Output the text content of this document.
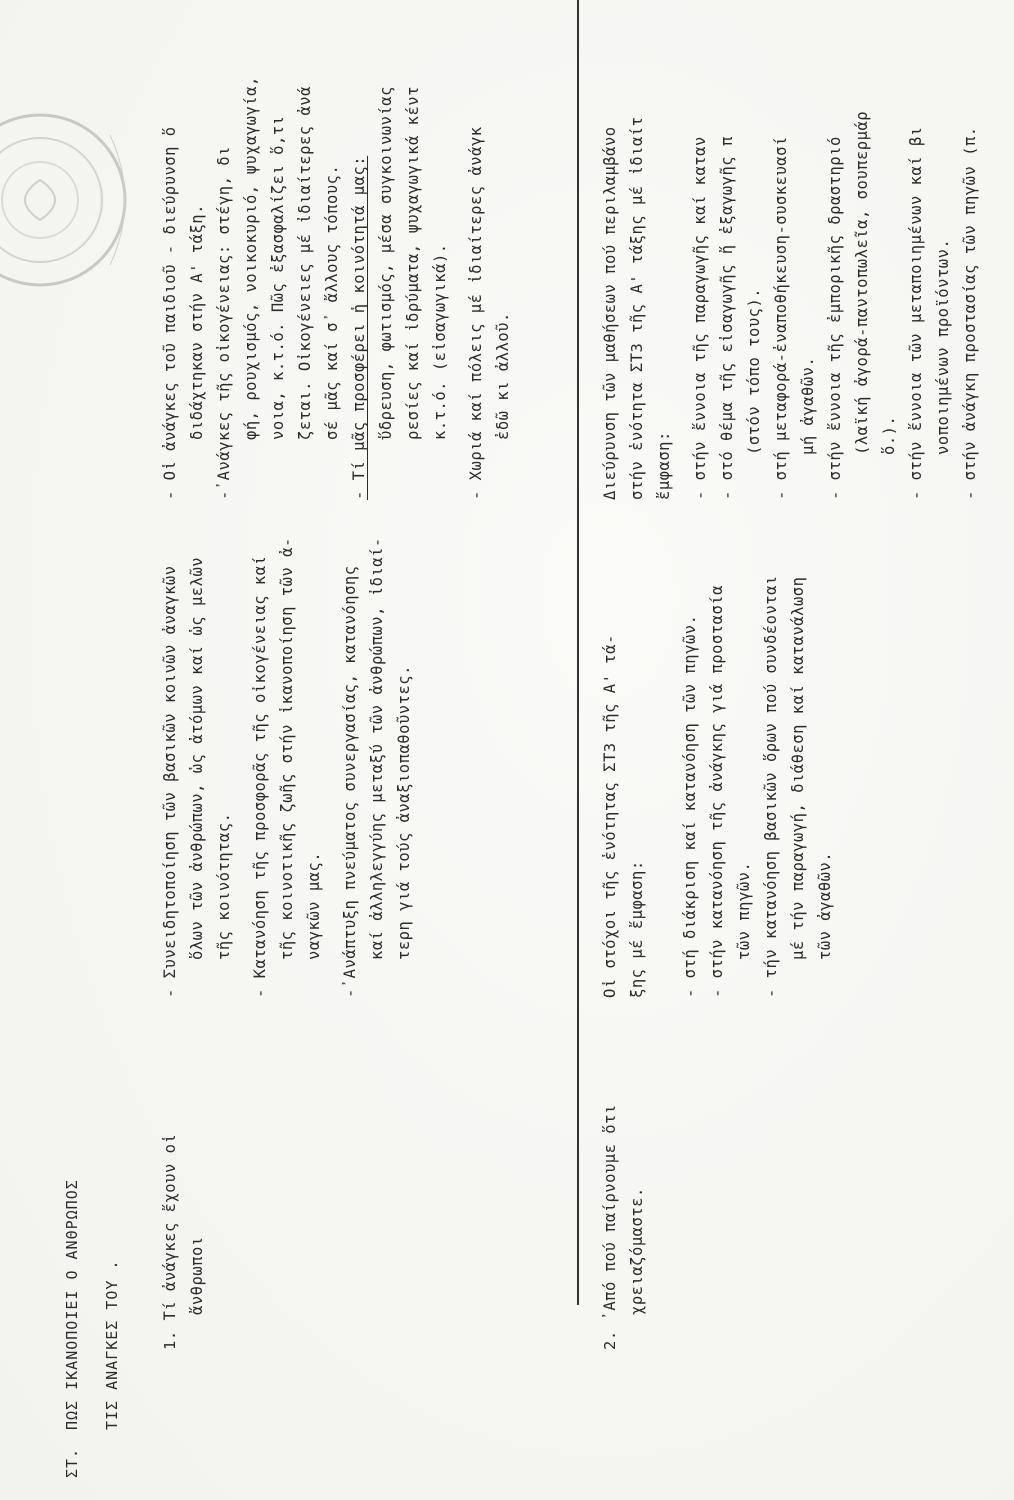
ΣΤ.
ΠΩΣ ΙΚΑΝΟΠΟΙΕΙ Ο ΑΝΘΡΩΠΟΣ ΤΙΣ ΑΝΑΓΚΕΣ ΤΟΥ .	1. Τί ἀνάγκες ἔχουν οἱ ἄνθρωποι
- Συνειδητοποίηση τῶν βασικῶν κοινῶν ἀναγκῶν ὅλων τῶν ἀνθρώπων, ὡς ἀτόμων καί ὡς μελῶν τῆς κοινότητας. - Κατανόηση τῆς προσφορᾶς τῆς οἰκογένειας καί τῆς κοινοτικῆς ζωῆς στήν ἱκανοποίηση τῶν ἀ- ναγκῶν μας. -᾽Ανάπτυξη πνεύματος συνεργασίας, κατανόησης καί ἀλληλεγγύης μεταξύ τῶν ἀνθρώπων, ἰδιαί- τερη γιά τούς ἀναξιοπαθοῦντες.
- Οἱ ἀνάγκες τοῦ παιδιοῦ - διεύρυνση ὅ διδάχτηκαν στήν Α' τάξη. -᾽Ανάγκες τῆς οἰκογένειας: στέγη, δι φή, ρουχισμός, νοικοκυριό, ψυχαγωγία, νοια, κ.τ.ό. Πῶς ἐξασφαλίζει ὅ,τι ζεται. Οἰκογένειες μέ ἰδιαίτερες ἀνά σέ μᾶς καί σ᾽ ἄλλους τόπους. - Τί μᾶς προσφέρει ἡ κοινότητά μας: ὕδρευση, φωτισμός, μέσα συγκοινωνίας ρεσίες καί ἱδρύματα, ψυχαγωγικά κέντ κ.τ.ό. (εἰσαγωγικά). - Χωριά καί πόλεις μέ ἰδιαίτερες ἀνάγκ ἐδῶ κι ἀλλοῦ.
2. ᾽Από πού παίρνουμε ὅτι χρειαζόμαστε.
Οἱ στόχοι τῆς ἑνότητας ΣΤ3 τῆς Α' τά- ξης μέ ἔμφαση: - στή διάκριση καί κατανόηση τῶν πηγῶν. - στήν κατανόηση τῆς ἀνάγκης γιά προστασία τῶν πηγῶν. - τήν κατανόηση βασικῶν ὅρων πού συνδέονται μέ τήν παραγωγή, διάθεση καί κατανάλωση τῶν ἀγαθῶν.
Διεύρυνση τῶν μαθήσεων πού περιλαμβάνο στήν ἑνότητα ΣΤ3 τῆς Α' τάξης μέ ἰδιαίτ ἔμφαση: - στήν ἔννοια τῆς παραγωγῆς καί καταν - στό θέμα τῆς εἰσαγωγῆς ἤ ἐξαγωγῆς π (στόν τόπο τους). - στή μεταφορά-ἐναποθήκευση-συσκευασί μή ἀγαθῶν. - στήν ἔννοια τῆς ἐμπορικῆς δραστηριό (λαϊκή ἀγορά-παντοπωλεῖα, σουπερμάρ ὅ.). - στήν ἔννοια τῶν μεταποιημένων καί βι νοποιημένων προϊόντων. - στήν ἀνάγκη προστασίας τῶν πηγῶν (π.
